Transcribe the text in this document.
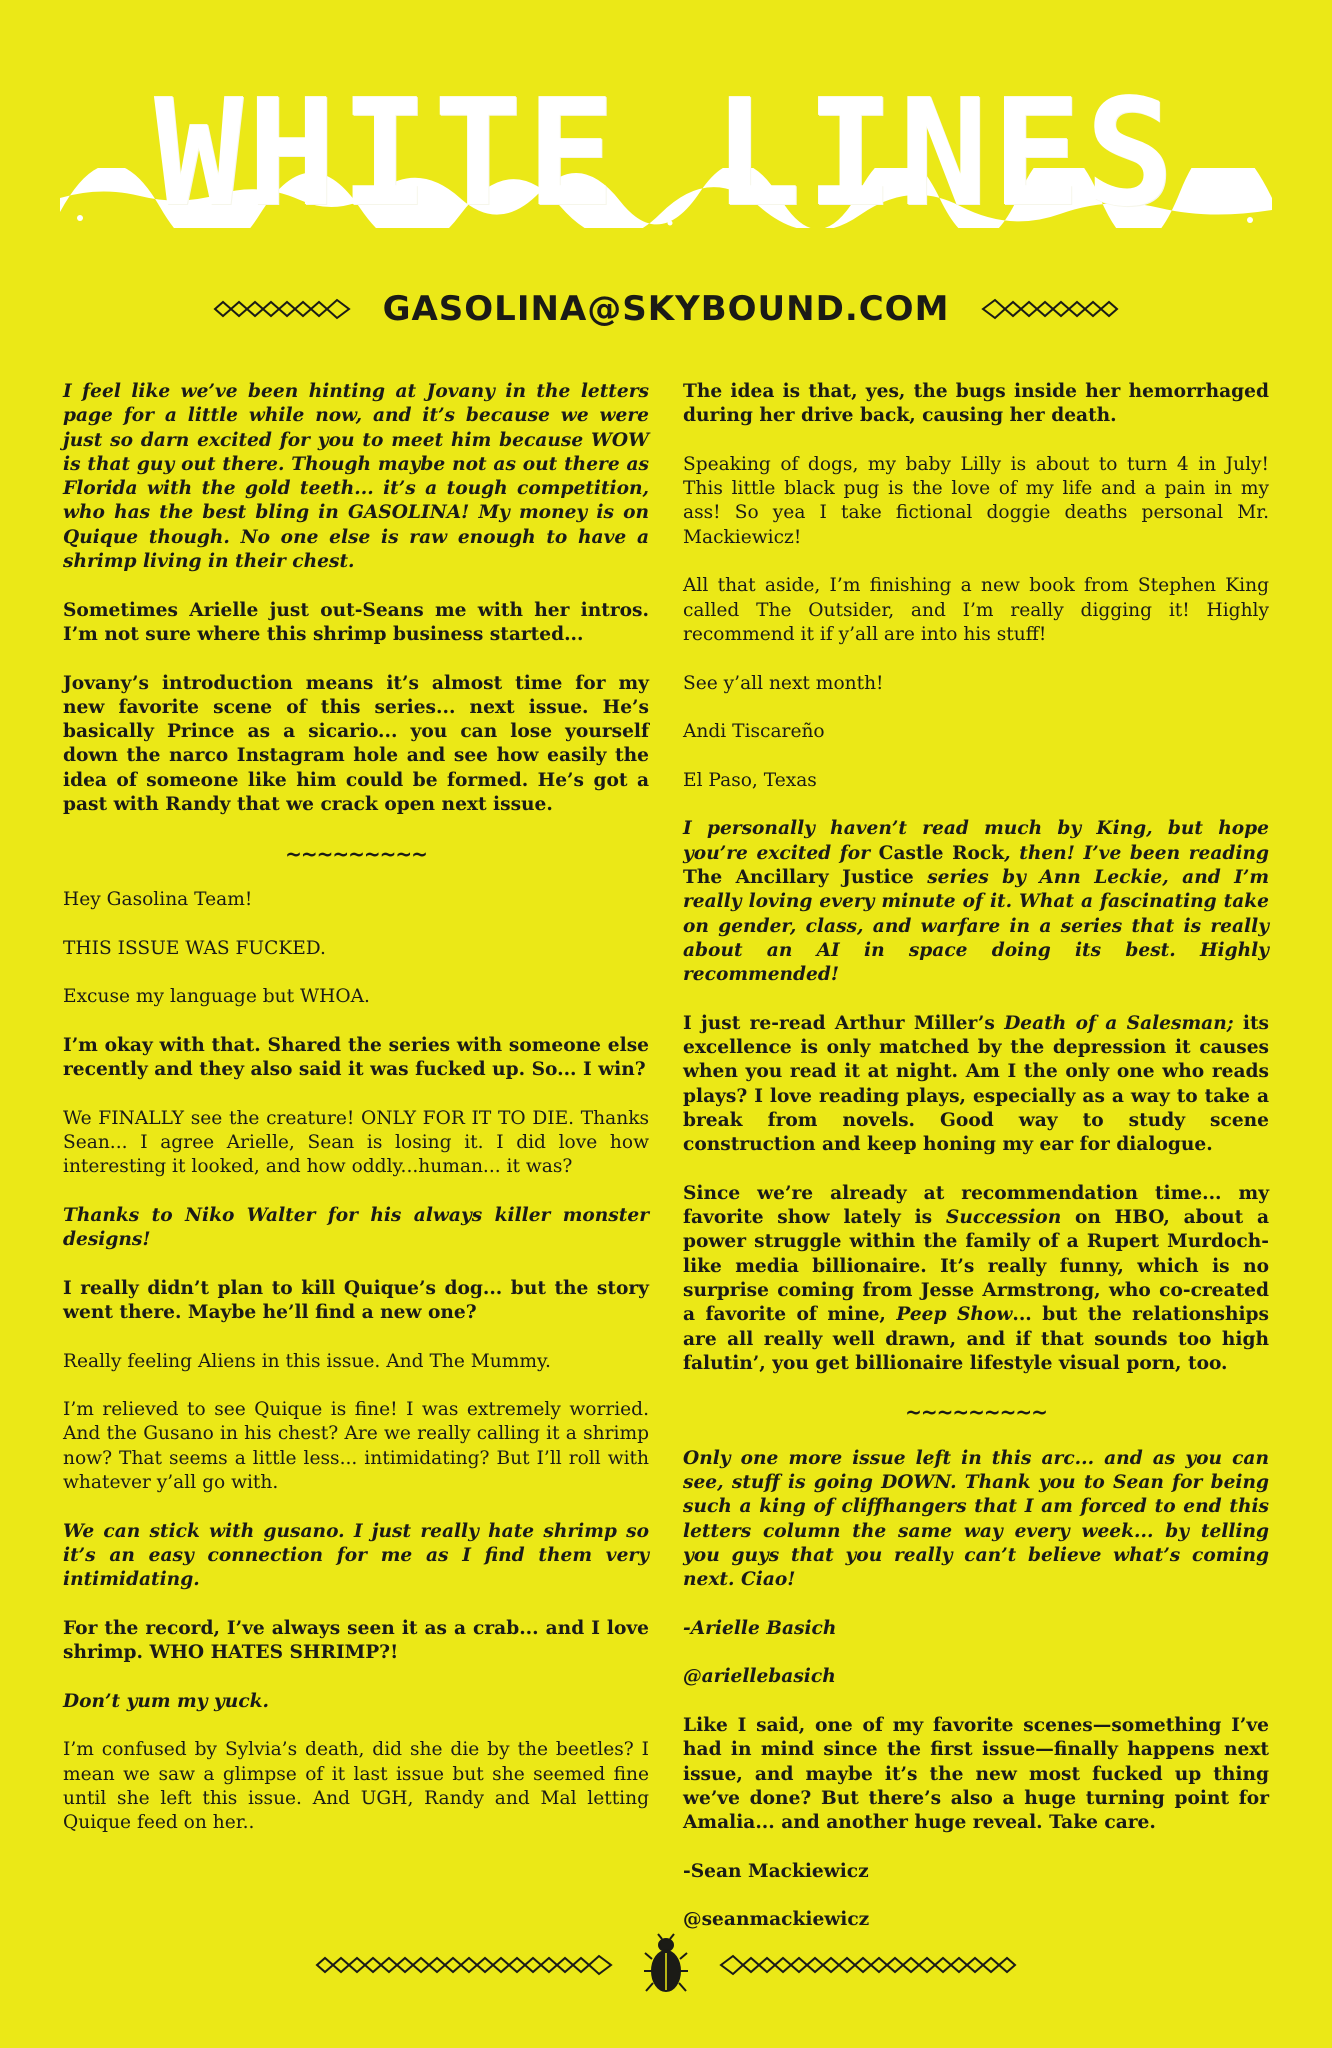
WHITE LINES
GASOLINA@SKYBOUND.COM

I feel like we’ve been hinting at Jovany in the letters page for a little while now, and it’s because we were just so darn excited for you to meet him because WOW is that guy out there. Though maybe not as out there as Florida with the gold teeth... it’s a tough competition, who has the best bling in GASOLINA! My money is on Quique though. No one else is raw enough to have a shrimp living in their chest.

Sometimes Arielle just out-Seans me with her intros. I’m not sure where this shrimp business started...

Jovany’s introduction means it’s almost time for my new favorite scene of this series... next issue. He’s basically Prince as a sicario... you can lose yourself down the narco Instagram hole and see how easily the idea of someone like him could be formed. He’s got a past with Randy that we crack open next issue.

~~~~~~~~~

Hey Gasolina Team!

THIS ISSUE WAS FUCKED.

Excuse my language but WHOA.

I’m okay with that. Shared the series with someone else recently and they also said it was fucked up. So... I win?

We FINALLY see the creature! ONLY FOR IT TO DIE. Thanks Sean... I agree Arielle, Sean is losing it. I did love how interesting it looked, and how oddly...human... it was?

Thanks to Niko Walter for his always killer monster designs!

I really didn’t plan to kill Quique’s dog... but the story went there. Maybe he’ll find a new one?

Really feeling Aliens in this issue. And The Mummy.

I’m relieved to see Quique is fine! I was extremely worried. And the Gusano in his chest? Are we really calling it a shrimp now? That seems a little less... intimidating? But I’ll roll with whatever y’all go with.

We can stick with gusano. I just really hate shrimp so it’s an easy connection for me as I find them very intimidating.

For the record, I’ve always seen it as a crab... and I love shrimp. WHO HATES SHRIMP?!

Don’t yum my yuck.

I’m confused by Sylvia’s death, did she die by the beetles? I mean we saw a glimpse of it last issue but she seemed fine until she left this issue. And UGH, Randy and Mal letting Quique feed on her..

The idea is that, yes, the bugs inside her hemorrhaged during her drive back, causing her death.

Speaking of dogs, my baby Lilly is about to turn 4 in July! This little black pug is the love of my life and a pain in my ass! So yea I take fictional doggie deaths personal Mr. Mackiewicz!

All that aside, I’m finishing a new book from Stephen King called The Outsider, and I’m really digging it! Highly recommend it if y’all are into his stuff!

See y’all next month!

Andi Tiscareño

El Paso, Texas

I personally haven’t read much by King, but hope you’re excited for Castle Rock, then! I’ve been reading The Ancillary Justice series by Ann Leckie, and I’m really loving every minute of it. What a fascinating take on gender, class, and warfare in a series that is really about an AI in space doing its best. Highly recommended!

I just re-read Arthur Miller’s Death of a Salesman; its excellence is only matched by the depression it causes when you read it at night. Am I the only one who reads plays? I love reading plays, especially as a way to take a break from novels. Good way to study scene construction and keep honing my ear for dialogue.

Since we’re already at recommendation time... my favorite show lately is Succession on HBO, about a power struggle within the family of a Rupert Murdoch-like media billionaire. It’s really funny, which is no surprise coming from Jesse Armstrong, who co-created a favorite of mine, Peep Show... but the relationships are all really well drawn, and if that sounds too high falutin’, you get billionaire lifestyle visual porn, too.

~~~~~~~~~

Only one more issue left in this arc... and as you can see, stuff is going DOWN. Thank you to Sean for being such a king of cliffhangers that I am forced to end this letters column the same way every week... by telling you guys that you really can’t believe what’s coming next. Ciao!

-Arielle Basich

@ariellebasich

Like I said, one of my favorite scenes—something I’ve had in mind since the first issue—finally happens next issue, and maybe it’s the new most fucked up thing we’ve done? But there’s also a huge turning point for Amalia... and another huge reveal. Take care.

-Sean Mackiewicz

@seanmackiewicz
